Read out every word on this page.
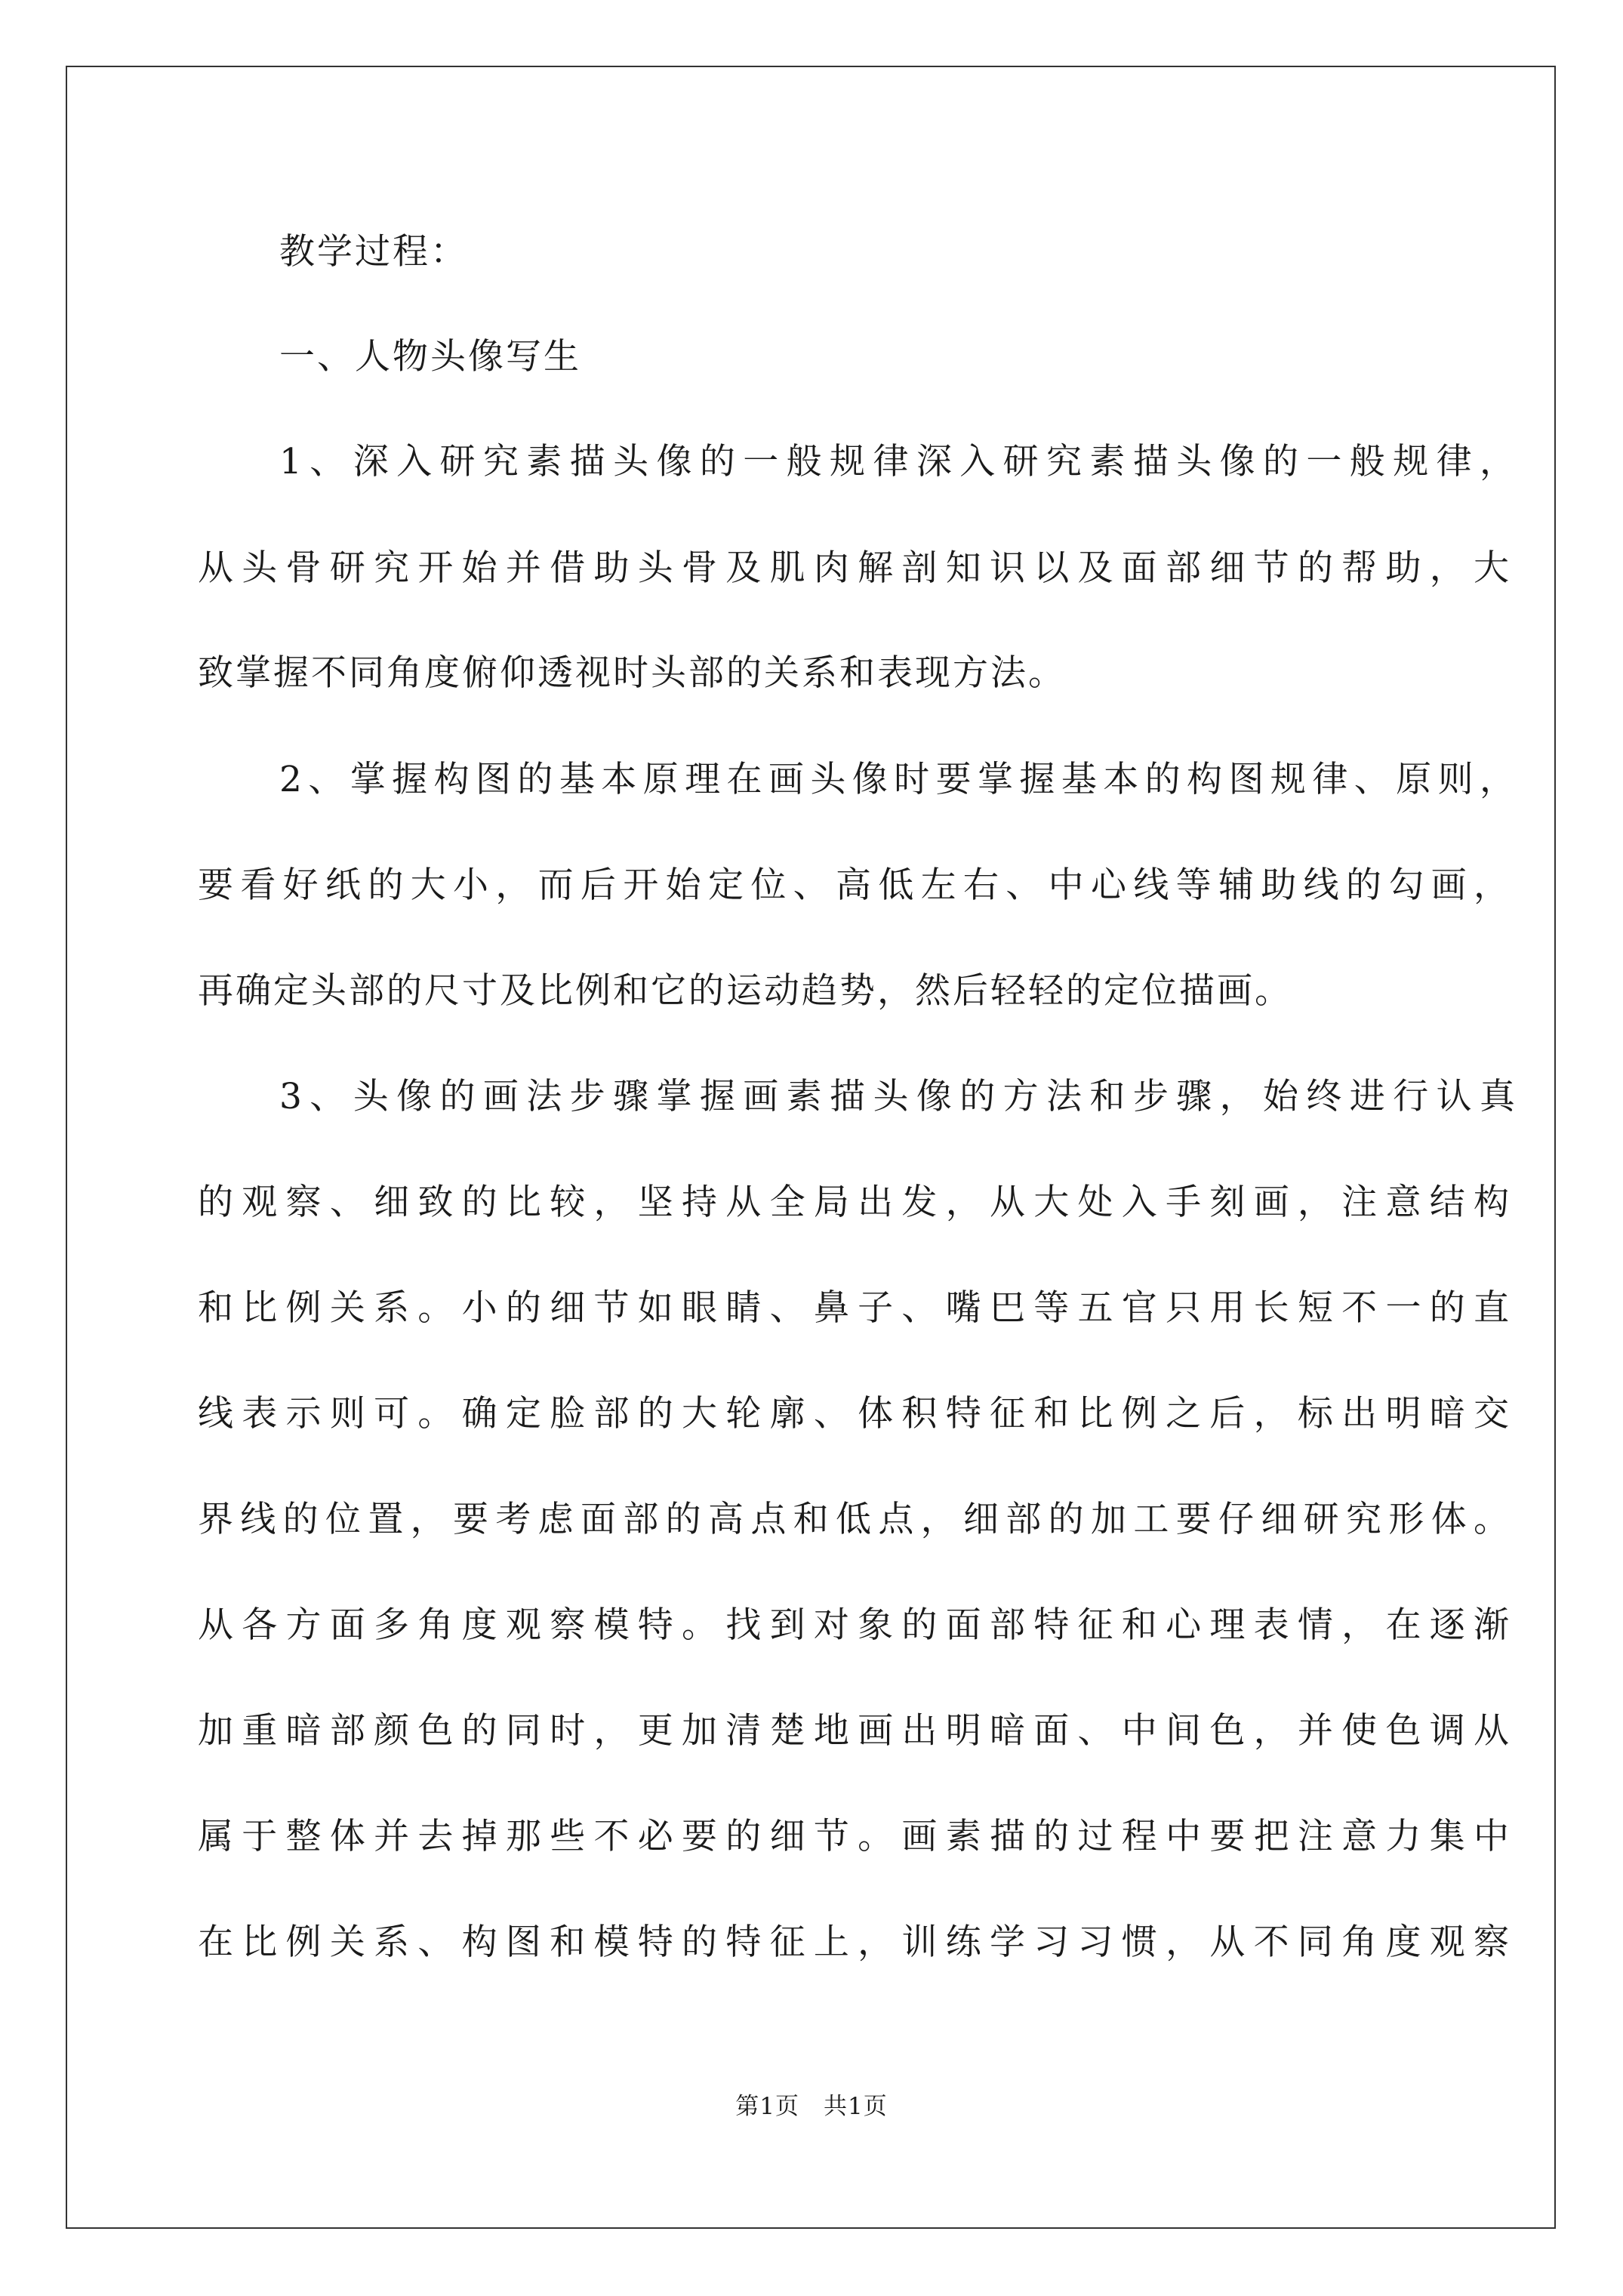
教学过程：
一、人物头像写生
1、深入研究素描头像的一般规律深入研究素描头像的一般规律，
从头骨研究开始并借助头骨及肌肉解剖知识以及面部细节的帮助，大
致掌握不同角度俯仰透视时头部的关系和表现方法。
2、掌握构图的基本原理在画头像时要掌握基本的构图规律、原则，
要看好纸的大小，而后开始定位、高低左右、中心线等辅助线的勾画，
再确定头部的尺寸及比例和它的运动趋势，然后轻轻的定位描画。
3、头像的画法步骤掌握画素描头像的方法和步骤，始终进行认真
的观察、细致的比较，坚持从全局出发，从大处入手刻画，注意结构
和比例关系。小的细节如眼睛、鼻子、嘴巴等五官只用长短不一的直
线表示则可。确定脸部的大轮廓、体积特征和比例之后，标出明暗交
界线的位置，要考虑面部的高点和低点，细部的加工要仔细研究形体。
从各方面多角度观察模特。找到对象的面部特征和心理表情，在逐渐
加重暗部颜色的同时，更加清楚地画出明暗面、中间色，并使色调从
属于整体并去掉那些不必要的细节。画素描的过程中要把注意力集中
在比例关系、构图和模特的特征上，训练学习习惯，从不同角度观察
第1页　共1页
